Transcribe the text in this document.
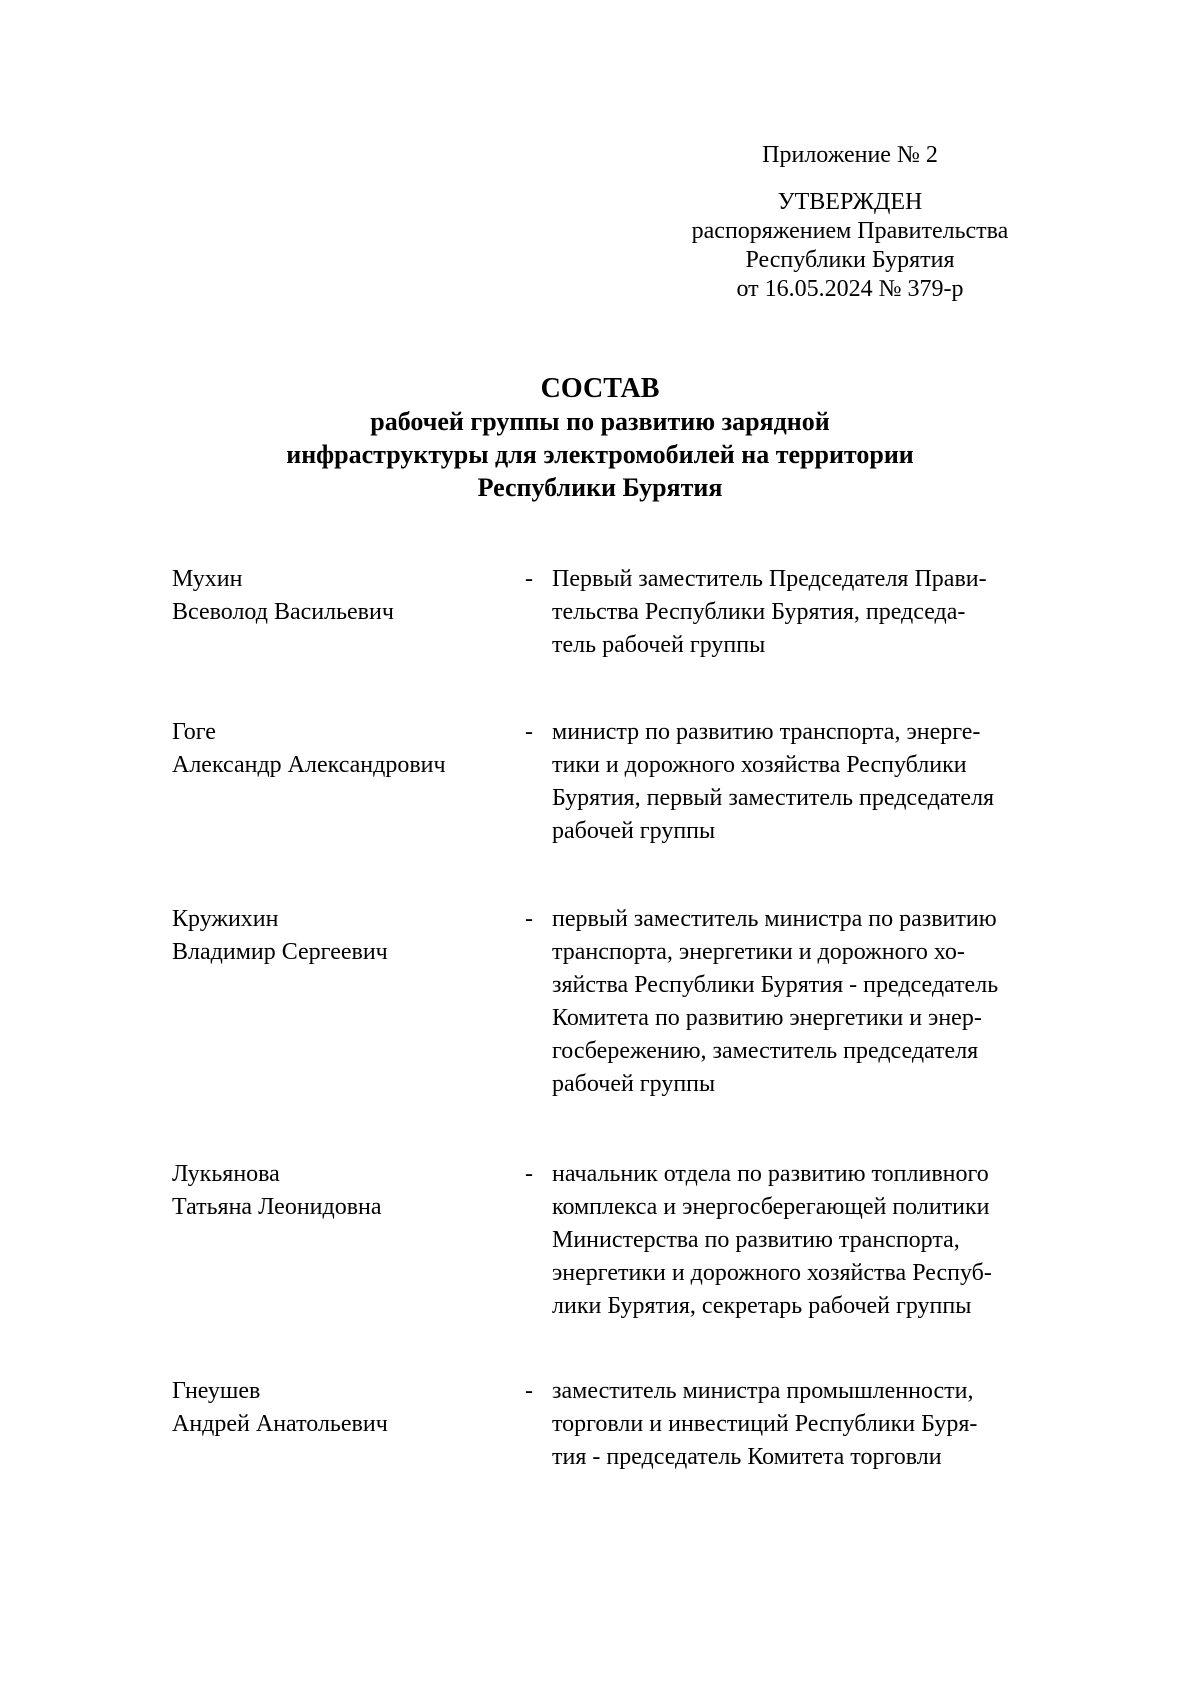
Приложение № 2
УТВЕРЖДЕН
распоряжением Правительства
Республики Бурятия
от 16.05.2024 № 379-р
СОСТАВ
рабочей группы по развитию зарядной
инфраструктуры для электромобилей на территории
Республики Бурятия
Мухин
Всеволод Васильевич
- Первый заместитель Председателя Прави-
тельства Республики Бурятия, председа-
тель рабочей группы
Гоге
Александр Александрович
- министр по развитию транспорта, энерге-
тики и дорожного хозяйства Республики
Бурятия, первый заместитель председателя
рабочей группы
Кружихин
Владимир Сергеевич
- первый заместитель министра по развитию
транспорта, энергетики и дорожного хо-
зяйства Республики Бурятия - председатель
Комитета по развитию энергетики и энер-
госбережению, заместитель председателя
рабочей группы
Лукьянова
Татьяна Леонидовна
- начальник отдела по развитию топливного
комплекса и энергосберегающей политики
Министерства по развитию транспорта,
энергетики и дорожного хозяйства Респуб-
лики Бурятия, секретарь рабочей группы
Гнеушев
Андрей Анатольевич
- заместитель министра промышленности,
торговли и инвестиций Республики Буря-
тия - председатель Комитета торговли
